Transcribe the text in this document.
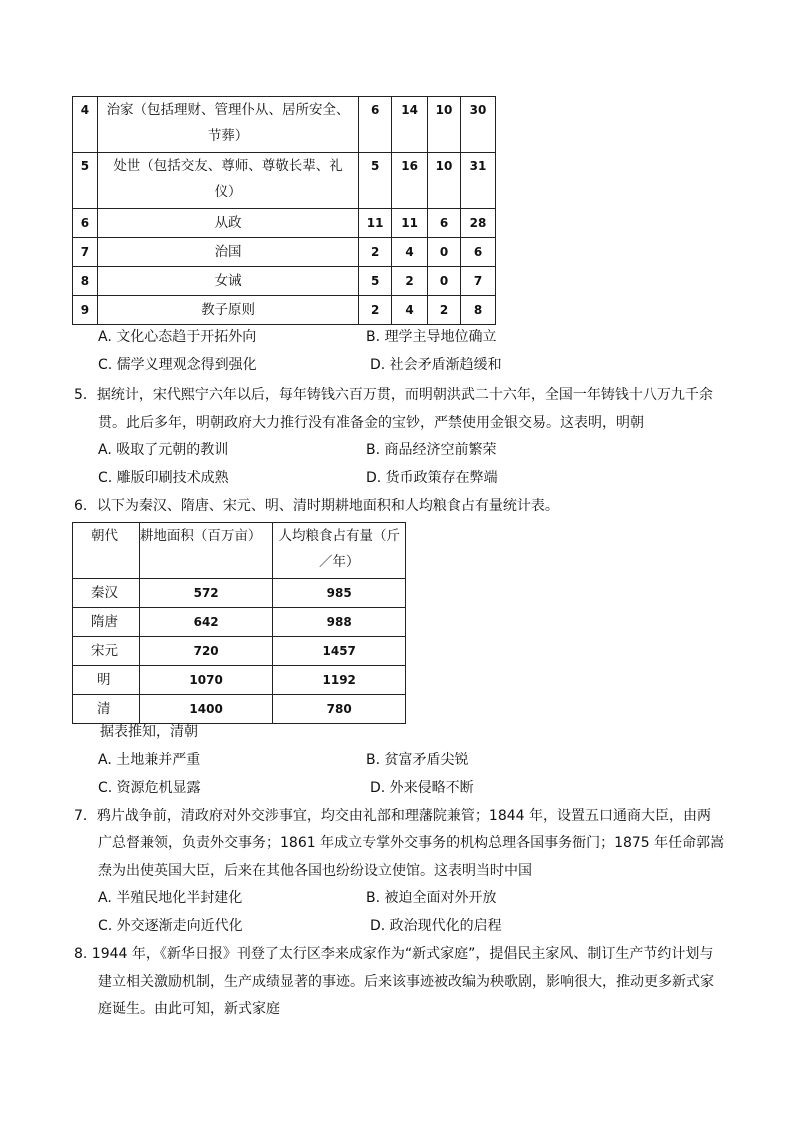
4	治家（包括理财、管理仆从、居所安全、
节葬）	6	14	10	30
5	处世（包括交友、尊师、尊敬长辈、礼
仪）	5	16	10	31
6	从政	11	11	6	28
7	治国	2	4	0	6
8	女诫	5	2	0	7
9	教子原则	2	4	2	8
A. 文化心态趋于开拓外向	B. 理学主导地位确立
C. 儒学义理观念得到强化	D. 社会矛盾渐趋缓和
5．据统计，宋代熙宁六年以后，每年铸钱六百万贯，而明朝洪武二十六年，全国一年铸钱十八万九千余
贯。此后多年，明朝政府大力推行没有准备金的宝钞，严禁使用金银交易。这表明，明朝
A. 吸取了元朝的教训	B. 商品经济空前繁荣
C. 雕版印刷技术成熟	D. 货币政策存在弊端
6．以下为秦汉、隋唐、宋元、明、清时期耕地面积和人均粮食占有量统计表。
朝代	耕地面积（百万亩）	人均粮食占有量（斤
／年）

秦汉	572	985
隋唐	642	988
宋元	720	1457
明	1070	1192
清	1400	780
据表推知，清朝
A. 土地兼并严重	B. 贫富矛盾尖锐
C. 资源危机显露	D. 外来侵略不断
7．鸦片战争前，清政府对外交涉事宜，均交由礼部和理藩院兼管；1844 年，设置五口通商大臣，由两
广总督兼领，负责外交事务；1861 年成立专掌外交事务的机构总理各国事务衙门；1875 年任命郭嵩
焘为出使英国大臣，后来在其他各国也纷纷设立使馆。这表明当时中国
A. 半殖民地化半封建化	B. 被迫全面对外开放
C. 外交逐渐走向近代化	D. 政治现代化的启程
8. 1944 年，《新华日报》刊登了太行区李来成家作为“新式家庭”，提倡民主家风、制订生产节约计划与
建立相关激励机制，生产成绩显著的事迹。后来该事迹被改编为秧歌剧，影响很大，推动更多新式家
庭诞生。由此可知，新式家庭
